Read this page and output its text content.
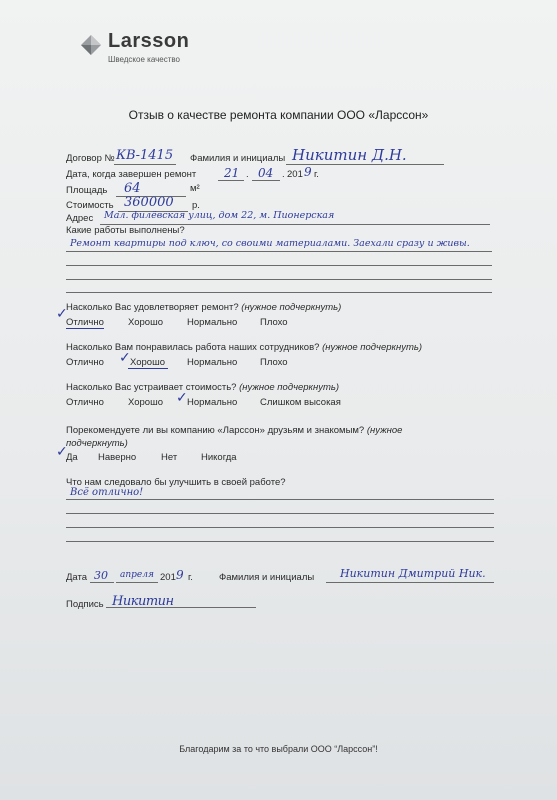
Larsson
Шведское качество
Отзыв о качестве ремонта компании ООО «Ларссон»
Договор № КВ-1415 Фамилия и инициалы Никитин Д.Н.
Дата, когда завершен ремонт 21 . 04 . 201 9 г.
Площадь 64	м²
Стоимость 360000 р.
Адрес Мал. филёвская улиц, дом 22, м. Пионерская
Какие работы выполнены?
Ремонт квартиры под ключ, со своими материалами. Заехали сразу и живы.
Насколько Вас удовлетворяет ремонт? (нужное подчеркнуть)
✓
Отлично	Хорошо	Нормально Плохо
Насколько Вам понравилась работа наших сотрудников? (нужное подчеркнуть)
Отлично ✓ Хорошо Нормально Плохо
Насколько Вас устраивает стоимость? (нужное подчеркнуть)
Отлично	Хорошо ✓ Нормально Слишком высокая
Порекомендуете ли вы компанию «Ларссон» друзьям и знакомым? (нужное
подчеркнуть)
✓
Да Наверно	Нет	Никогда
Что нам следовало бы улучшить в своей работе?
Всё отлично!
Дата 30 апреля 201 9 г.	Фамилия и инициалы Никитин Дмитрий Ник.
Подпись Никитин
Благодарим за то что выбрали ООО “Ларссон”!
